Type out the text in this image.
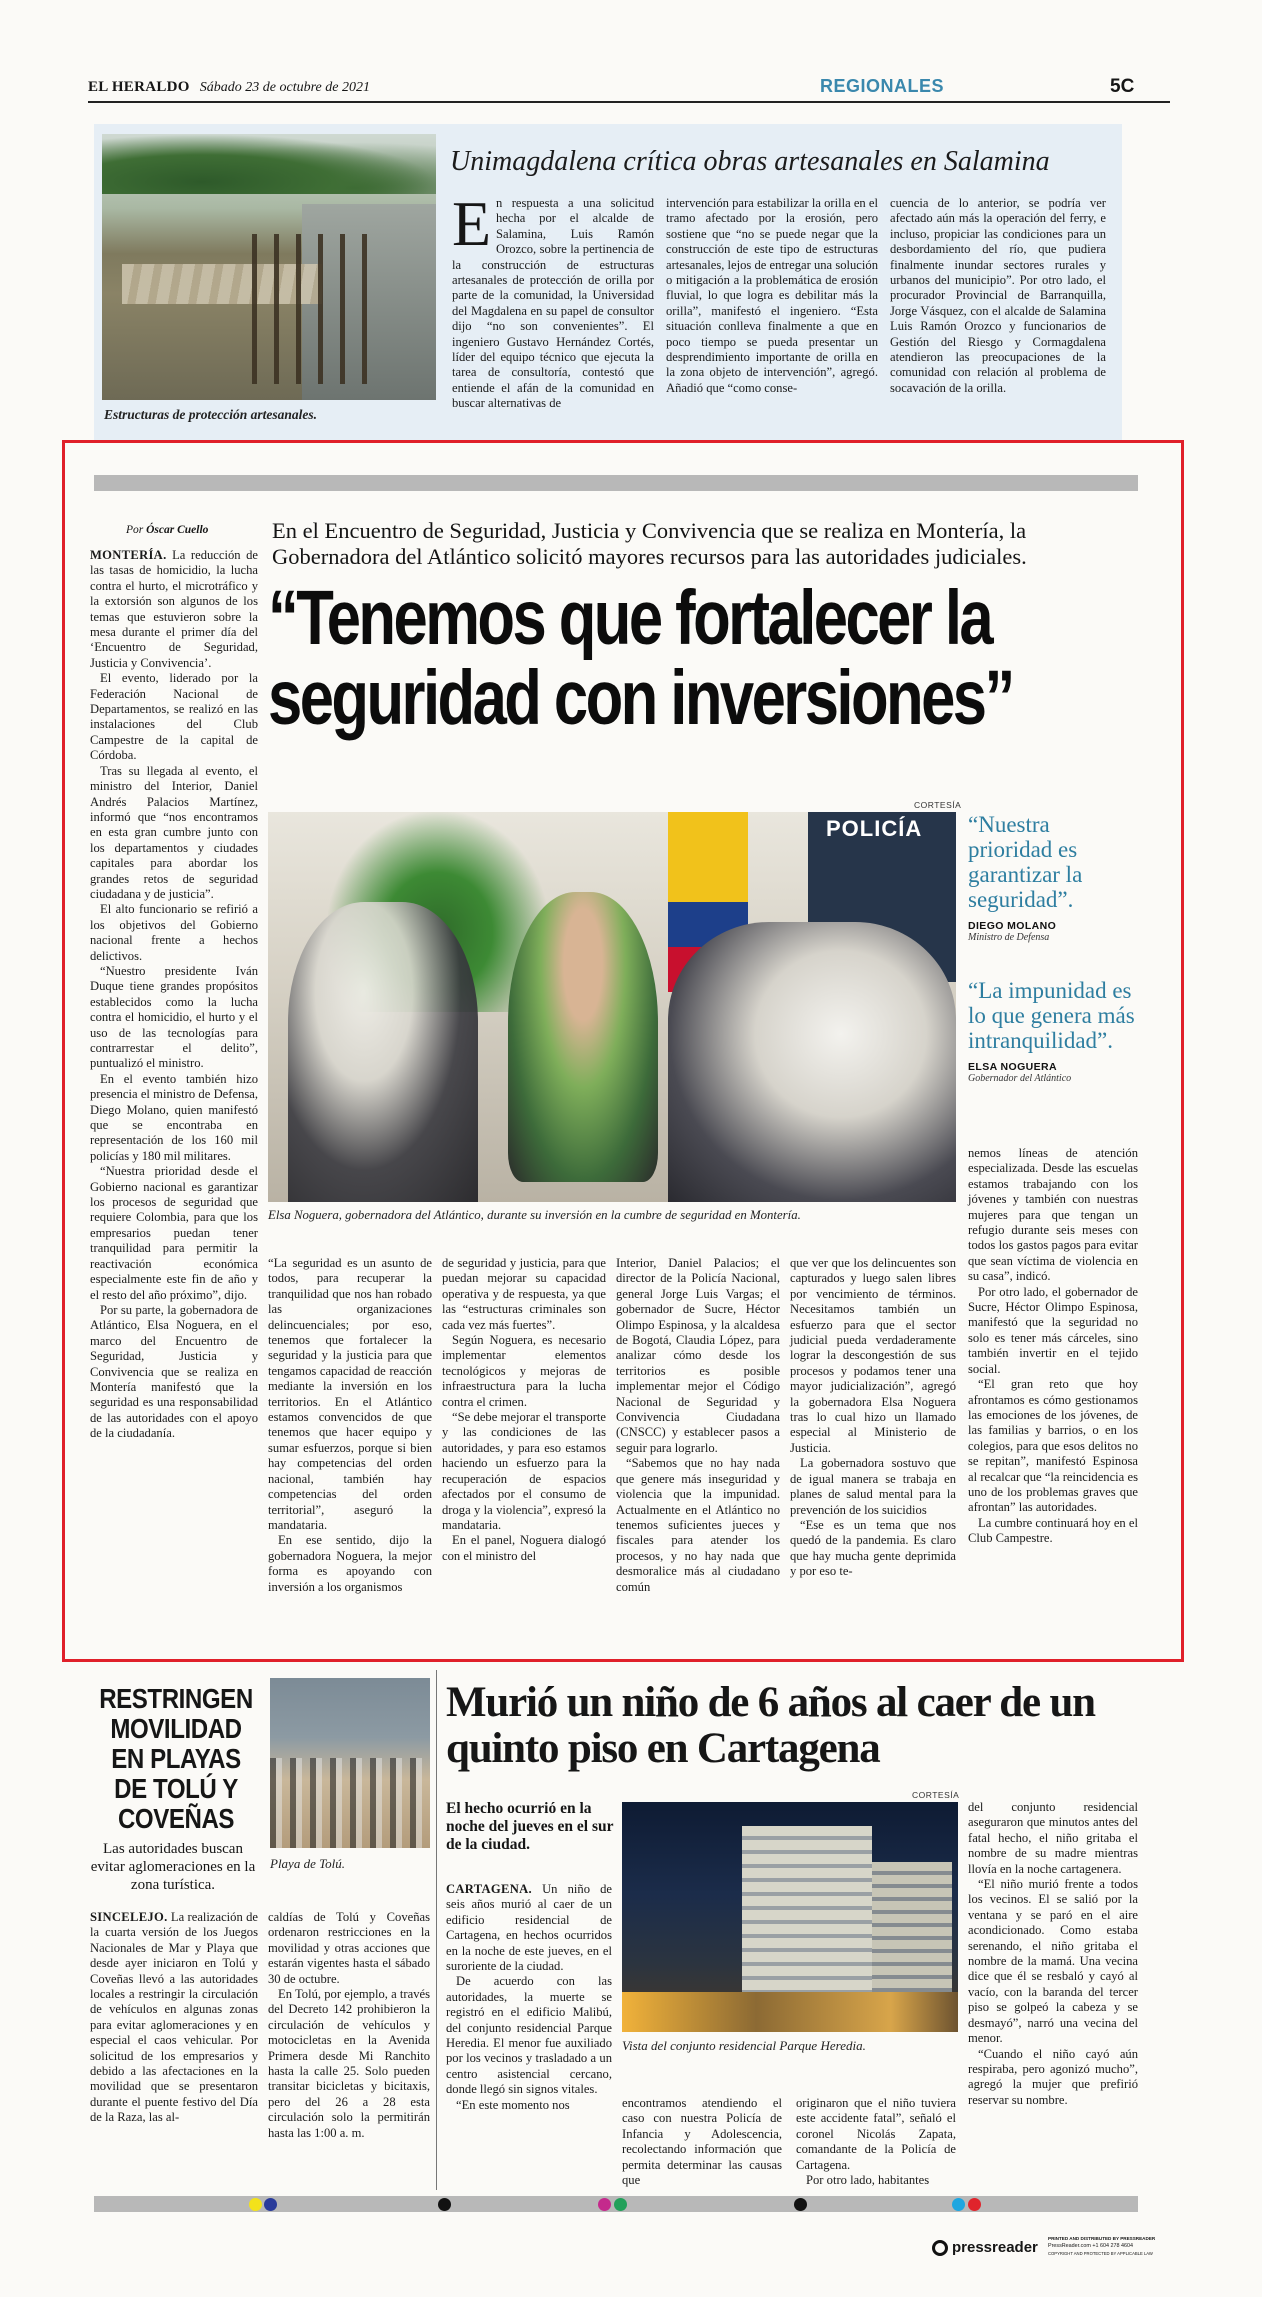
EL HERALDO Sábado 23 de octubre de 2021	REGIONALES	5C
Estructuras de protección artesanales.
Unimagdalena crítica obras artesanales en Salamina
E n respuesta a una solicitud hecha por el alcalde de Salamina, Luis Ramón Orozco, sobre la pertinencia de la construcción de estructuras artesanales de protección de orilla por parte de la comunidad, la Universidad del Magdalena en su papel de consultor dijo “no son convenientes”. El ingeniero Gustavo Hernández Cortés, líder del equipo técnico que ejecuta la tarea de consultoría, contestó que entiende el afán de la comunidad en buscar alternativas de

intervención para estabilizar la orilla en el tramo afectado por la erosión, pero sostiene que “no se puede negar que la construcción de este tipo de estructuras artesanales, lejos de entregar una solución o mitigación a la problemática de erosión fluvial, lo que logra es debilitar más la orilla”, manifestó el ingeniero. “Esta situación conlleva finalmente a que en poco tiempo se pueda presentar un desprendimiento importante de orilla en la zona objeto de intervención”, agregó. Añadió que “como conse-

cuencia de lo anterior, se podría ver afectado aún más la operación del ferry, e incluso, propiciar las condiciones para un desbordamiento del río, que pudiera finalmente inundar sectores rurales y urbanos del municipio”. Por otro lado, el procurador Provincial de Barranquilla, Jorge Vásquez, con el alcalde de Salamina Luis Ramón Orozco y funcionarios de Gestión del Riesgo y Cormagdalena atendieron las preocupaciones de la comunidad con relación al problema de socavación de la orilla.

Por Óscar Cuello

MONTERÍA. La reducción de las tasas de homicidio, la lucha contra el hurto, el microtráfico y la extorsión son algunos de los temas que estuvieron sobre la mesa durante el primer día del ‘Encuentro de Seguridad, Justicia y Convivencia’.

El evento, liderado por la Federación Nacional de Departamentos, se realizó en las instalaciones del Club Campestre de la capital de Córdoba.

Tras su llegada al evento, el ministro del Interior, Daniel Andrés Palacios Martínez, informó que “nos encontramos en esta gran cumbre junto con los departamentos y ciudades capitales para abordar los grandes retos de seguridad ciudadana y de justicia”.

El alto funcionario se refirió a los objetivos del Gobierno nacional frente a hechos delictivos.

“Nuestro presidente Iván Duque tiene grandes propósitos establecidos como la lucha contra el homicidio, el hurto y el uso de las tecnologías para contrarrestar el delito”, puntualizó el ministro.

En el evento también hizo presencia el ministro de Defensa, Diego Molano, quien manifestó que se encontraba en representación de los 160 mil policías y 180 mil militares.

“Nuestra prioridad desde el Gobierno nacional es garantizar los procesos de seguridad que requiere Colombia, para que los empresarios puedan tener tranquilidad para permitir la reactivación económica especialmente este fin de año y el resto del año próximo”, dijo.

Por su parte, la gobernadora de Atlántico, Elsa Noguera, en el marco del Encuentro de Seguridad, Justicia y Convivencia que se realiza en Montería manifestó que la seguridad es una responsabilidad de las autoridades con el apoyo de la ciudadanía.

En el Encuentro de Seguridad, Justicia y Convivencia que se realiza en Montería, la Gobernadora del Atlántico solicitó mayores recursos para las autoridades judiciales.
“Tenemos que fortalecer la seguridad con inversiones”
CORTESÍA
POLICÍA
Elsa Noguera, gobernadora del Atlántico, durante su inversión en la cumbre de seguridad en Montería.
“Nuestra prioridad es garantizar la seguridad”.
DIEGO MOLANO
Ministro de Defensa
“La impunidad es lo que genera más intranquilidad”.
ELSA NOGUERA
Gobernador del Atlántico

nemos líneas de atención especializada. Desde las escuelas estamos trabajando con los jóvenes y también con nuestras mujeres para que tengan un refugio durante seis meses con todos los gastos pagos para evitar que sean víctima de violencia en su casa”, indicó.

Por otro lado, el gobernador de Sucre, Héctor Olimpo Espinosa, manifestó que la seguridad no solo es tener más cárceles, sino también invertir en el tejido social.

“El gran reto que hoy afrontamos es cómo gestionamos las emociones de los jóvenes, de las familias y barrios, o en los colegios, para que esos delitos no se repitan”, manifestó Espinosa al recalcar que “la reincidencia es uno de los problemas graves que afrontan” las autoridades.

La cumbre continuará hoy en el Club Campestre.

“La seguridad es un asunto de todos, para recuperar la tranquilidad que nos han robado las organizaciones delincuenciales; por eso, tenemos que fortalecer la seguridad y la justicia para que tengamos capacidad de reacción mediante la inversión en los territorios. En el Atlántico estamos convencidos de que tenemos que hacer equipo y sumar esfuerzos, porque si bien hay competencias del orden nacional, también hay competencias del orden territorial”, aseguró la mandataria.

En ese sentido, dijo la gobernadora Noguera, la mejor forma es apoyando con inversión a los organismos

de seguridad y justicia, para que puedan mejorar su capacidad operativa y de respuesta, ya que las “estructuras criminales son cada vez más fuertes”.

Según Noguera, es necesario implementar elementos tecnológicos y mejoras de infraestructura para la lucha contra el crimen.

“Se debe mejorar el transporte y las condiciones de las autoridades, y para eso estamos haciendo un esfuerzo para la recuperación de espacios afectados por el consumo de droga y la violencia”, expresó la mandataria.

En el panel, Noguera dialogó con el ministro del

Interior, Daniel Palacios; el director de la Policía Nacional, general Jorge Luis Vargas; el gobernador de Sucre, Héctor Olimpo Espinosa, y la alcaldesa de Bogotá, Claudia López, para analizar cómo desde los territorios es posible implementar mejor el Código Nacional de Seguridad y Convivencia Ciudadana (CNSCC) y establecer pasos a seguir para lograrlo.

“Sabemos que no hay nada que genere más inseguridad y violencia que la impunidad. Actualmente en el Atlántico no tenemos suficientes jueces y fiscales para atender los procesos, y no hay nada que desmoralice más al ciudadano común

que ver que los delincuentes son capturados y luego salen libres por vencimiento de términos. Necesitamos también un esfuerzo para que el sector judicial pueda verdaderamente lograr la descongestión de sus procesos y podamos tener una mayor judicialización”, agregó la gobernadora Elsa Noguera tras lo cual hizo un llamado especial al Ministerio de Justicia.

La gobernadora sostuvo que de igual manera se trabaja en planes de salud mental para la prevención de los suicidios

“Ese es un tema que nos quedó de la pandemia. Es claro que hay mucha gente deprimida y por eso te-

RESTRINGEN MOVILIDAD EN PLAYAS DE TOLÚ Y COVEÑAS
Las autoridades buscan evitar aglomeraciones en la zona turística.
Playa de Tolú.

SINCELEJO. La realización de la cuarta versión de los Juegos Nacionales de Mar y Playa que desde ayer iniciaron en Tolú y Coveñas llevó a las autoridades locales a restringir la circulación de vehículos en algunas zonas para evitar aglomeraciones y en especial el caos vehicular. Por solicitud de los empresarios y debido a las afectaciones en la movilidad que se presentaron durante el puente festivo del Día de la Raza, las al-

caldías de Tolú y Coveñas ordenaron restricciones en la movilidad y otras acciones que estarán vigentes hasta el sábado 30 de octubre.

En Tolú, por ejemplo, a través del Decreto 142 prohibieron la circulación de vehículos y motocicletas en la Avenida Primera desde Mi Ranchito hasta la calle 25. Solo pueden transitar bicicletas y bicitaxis, pero del 26 a 28 esta circulación solo la permitirán hasta las 1:00 a. m.

Murió un niño de 6 años al caer de un quinto piso en Cartagena
El hecho ocurrió en la noche del jueves en el sur de la ciudad.
CORTESÍA
Vista del conjunto residencial Parque Heredia.

CARTAGENA. Un niño de seis años murió al caer de un edificio residencial de Cartagena, en hechos ocurridos en la noche de este jueves, en el suroriente de la ciudad.

De acuerdo con las autoridades, la muerte se registró en el edificio Malibú, del conjunto residencial Parque Heredia. El menor fue auxiliado por los vecinos y trasladado a un centro asistencial cercano, donde llegó sin signos vitales.

“En este momento nos	encontramos atendiendo el caso con nuestra Policía de Infancia y Adolescencia, recolectando información que permita determinar las causas que

originaron que el niño tuviera este accidente fatal”, señaló el coronel Nicolás Zapata, comandante de la Policía de Cartagena.

Por otro lado, habitantes

del conjunto residencial aseguraron que minutos antes del fatal hecho, el niño gritaba el nombre de su madre mientras llovía en la noche cartagenera.

“El niño murió frente a todos los vecinos. El se salió por la ventana y se paró en el aire acondicionado. Como estaba serenando, el niño gritaba el nombre de la mamá. Una vecina dice que él se resbaló y cayó al vacío, con la baranda del tercer piso se golpeó la cabeza y se desmayó”, narró una vecina del menor.

“Cuando el niño cayó aún respiraba, pero agonizó mucho”, agregó la mujer que prefirió reservar su nombre.

pressreader
PRINTED AND DISTRIBUTED BY PRESSREADER
PressReader.com +1 604 278 4604
COPYRIGHT AND PROTECTED BY APPLICABLE LAW
